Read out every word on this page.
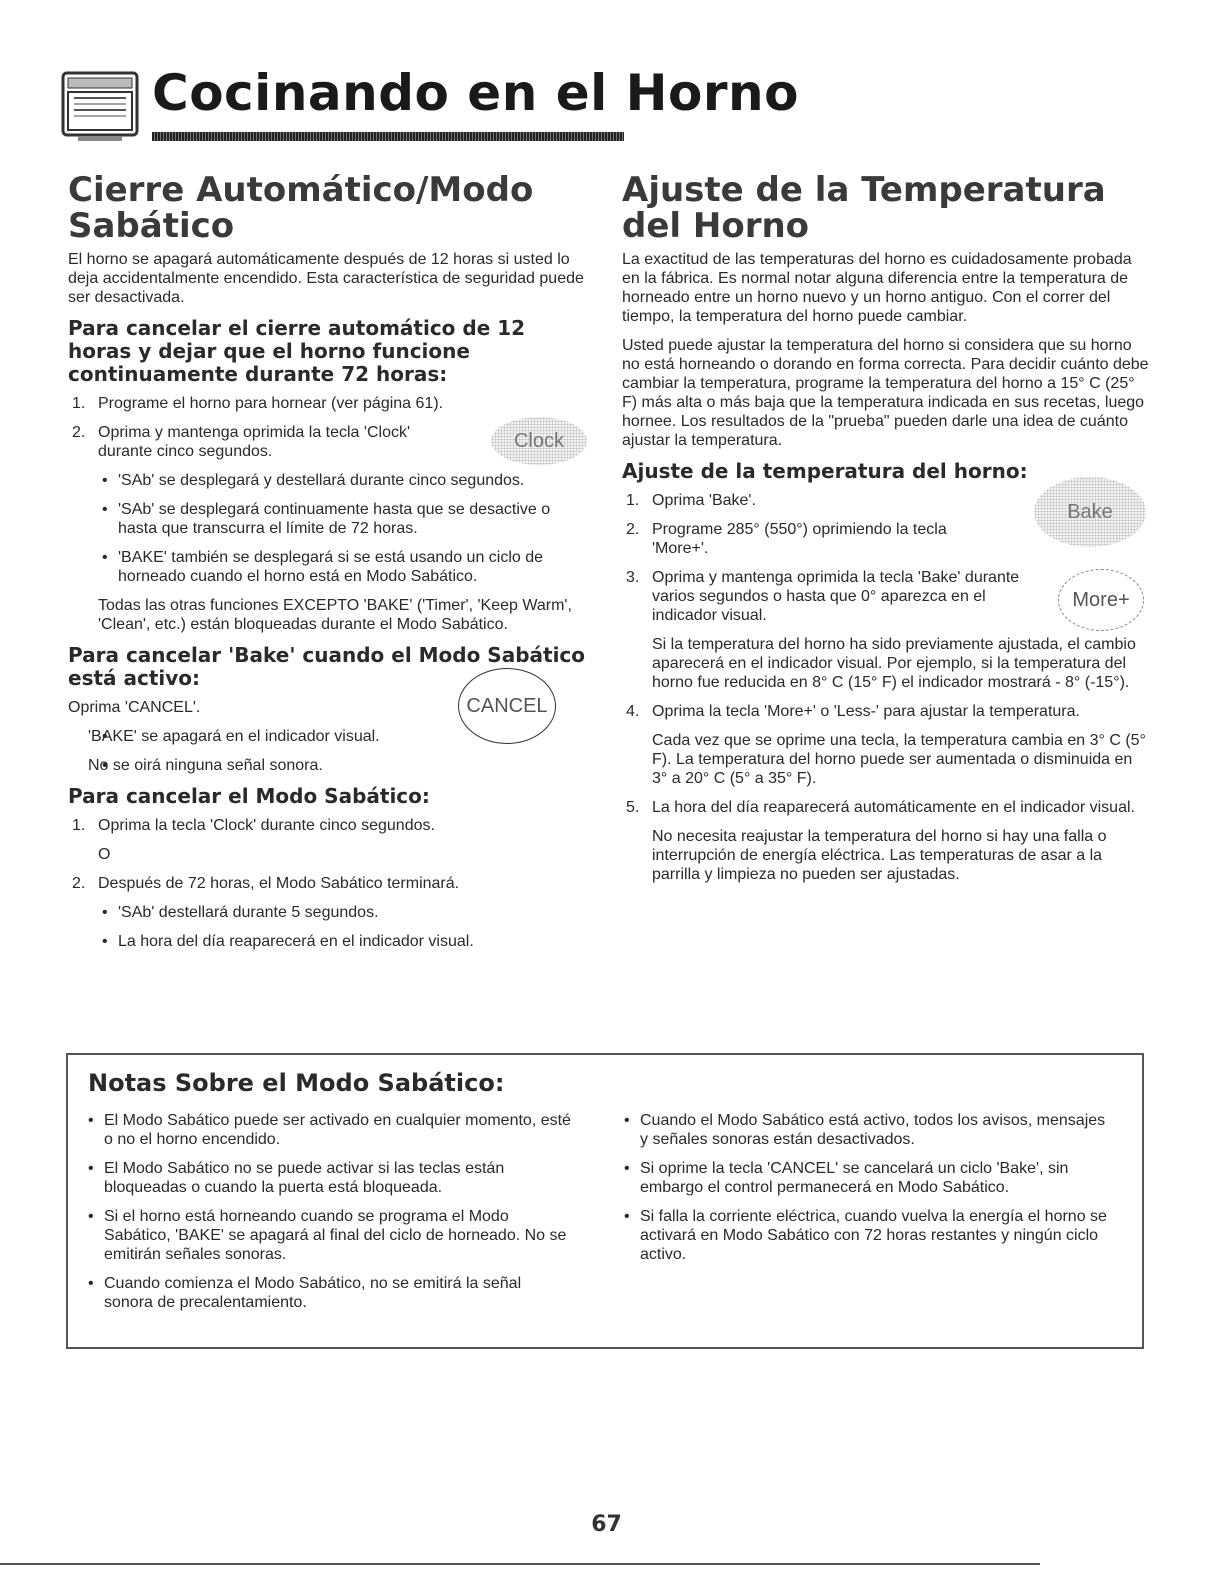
Cocinando en el Horno
Cierre Automático/Modo Sabático

El horno se apagará automáticamente después de 12 horas si usted lo deja accidentalmente encendido. Esta característica de seguridad puede ser desactivada.

Para cancelar el cierre automático de 12 horas y dejar que el horno funcione continuamente durante 72 horas:
1. Programe el horno para hornear (ver página 61).
2. Oprima y mantenga oprimida la tecla 'Clock' durante cinco segundos.	Clock
• 'SAb' se desplegará y destellará durante cinco segundos.
• 'SAb' se desplegará continuamente hasta que se desactive o hasta que transcurra el límite de 72 horas.
• 'BAKE' también se desplegará si se está usando un ciclo de horneado cuando el horno está en Modo Sabático.

Todas las otras funciones EXCEPTO 'BAKE' ('Timer', 'Keep Warm', 'Clean', etc.) están bloqueadas durante el Modo Sabático.

Para cancelar 'Bake' cuando el Modo Sabático está activo:

Oprima 'CANCEL'.

• 'BAKE' se apagará en el indicador visual.
• No se oirá ninguna señal sonora.
CANCEL
Para cancelar el Modo Sabático:
1. Oprima la tecla 'Clock' durante cinco segundos.

O

2. Después de 72 horas, el Modo Sabático terminará.
• 'SAb' destellará durante 5 segundos.
• La hora del día reaparecerá en el indicador visual.
Ajuste de la Temperatura del Horno

La exactitud de las temperaturas del horno es cuidadosamente probada en la fábrica. Es normal notar alguna diferencia entre la temperatura de horneado entre un horno nuevo y un horno antiguo. Con el correr del tiempo, la temperatura del horno puede cambiar.

Usted puede ajustar la temperatura del horno si considera que su horno no está horneando o dorando en forma correcta. Para decidir cuánto debe cambiar la temperatura, programe la temperatura del horno a 15° C (25° F) más alta o más baja que la temperatura indicada en sus recetas, luego hornee. Los resultados de la "prueba" pueden darle una idea de cuánto ajustar la temperatura.

Ajuste de la temperatura del horno:
Bake
More+
1. Oprima 'Bake'.
2. Programe 285° (550°) oprimiendo la tecla 'More+'.
3. Oprima y mantenga oprimida la tecla 'Bake' durante varios segundos o hasta que 0° aparezca en el indicador visual.
Si la temperatura del horno ha sido previamente ajustada, el cambio aparecerá en el indicador visual. Por ejemplo, si la temperatura del horno fue reducida en 8° C (15° F) el indicador mostrará - 8° (-15°).
4. Oprima la tecla 'More+' o 'Less-' para ajustar la temperatura.
Cada vez que se oprime una tecla, la temperatura cambia en 3° C (5° F). La temperatura del horno puede ser aumentada o disminuida en 3° a 20° C (5° a 35° F).
5. La hora del día reaparecerá automáticamente en el indicador visual.
No necesita reajustar la temperatura del horno si hay una falla o interrupción de energía eléctrica. Las temperaturas de asar a la parrilla y limpieza no pueden ser ajustadas.
Notas Sobre el Modo Sabático:
• El Modo Sabático puede ser activado en cualquier momento, esté o no el horno encendido.
• El Modo Sabático no se puede activar si las teclas están bloqueadas o cuando la puerta está bloqueada.
• Si el horno está horneando cuando se programa el Modo Sabático, 'BAKE' se apagará al final del ciclo de horneado. No se emitirán señales sonoras.
• Cuando comienza el Modo Sabático, no se emitirá la señal sonora de precalentamiento.
• Cuando el Modo Sabático está activo, todos los avisos, mensajes y señales sonoras están desactivados.
• Si oprime la tecla 'CANCEL' se cancelará un ciclo 'Bake', sin embargo el control permanecerá en Modo Sabático.
• Si falla la corriente eléctrica, cuando vuelva la energía el horno se activará en Modo Sabático con 72 horas restantes y ningún ciclo activo.
67
